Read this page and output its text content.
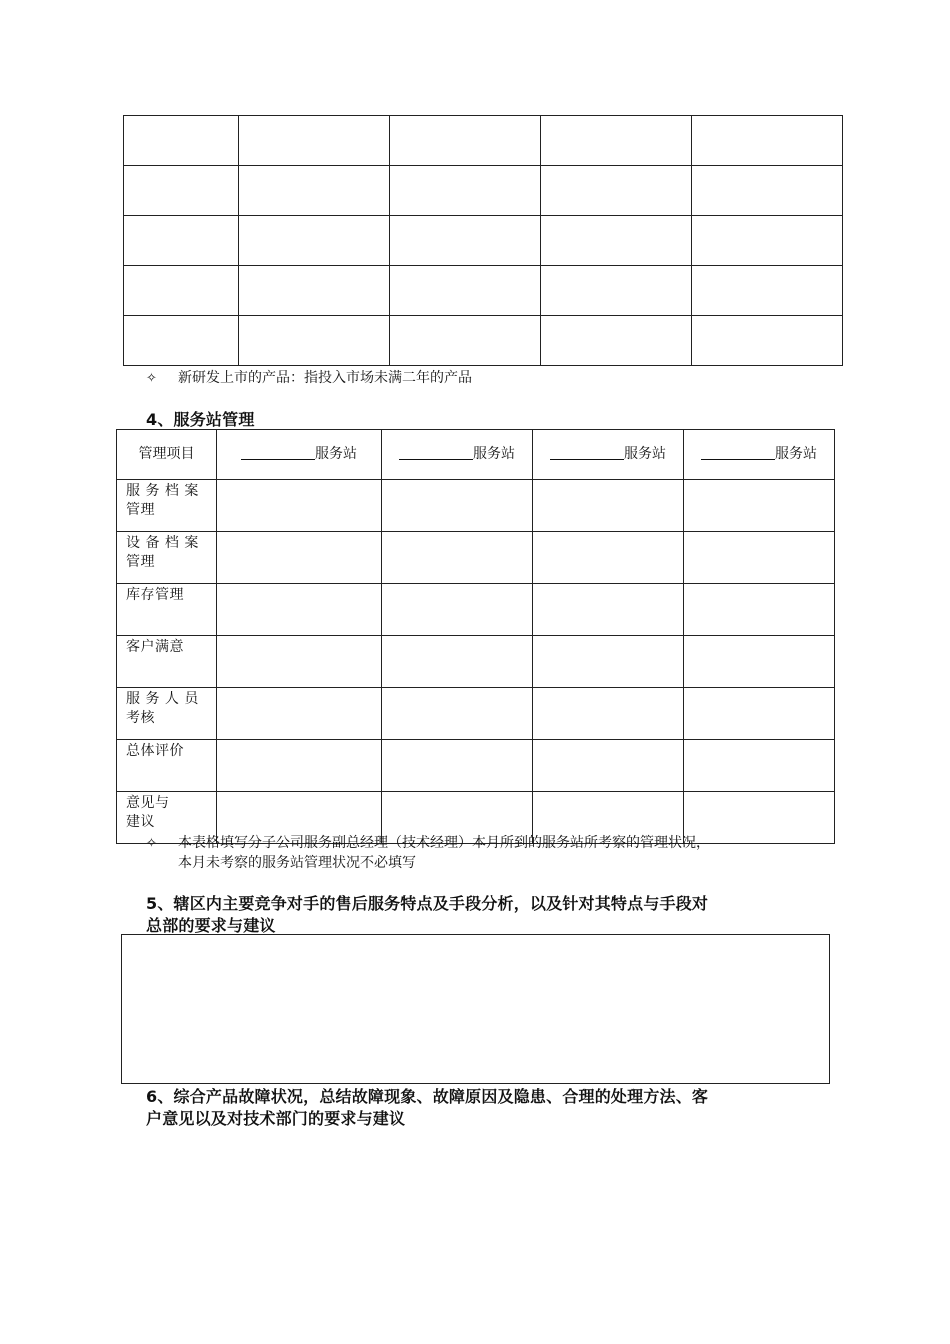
✧ 新研发上市的产品：指投入市场未满二年的产品
4、服务站管理
管理项目	服务站	服务站	服务站	服务站

服 务 档 案
管理				

设 备 档 案
管理				

库存管理				

客户满意				

服 务 人 员
考核				

总体评价				

意见与
建议				

✧ 本表格填写分子公司服务副总经理（技术经理）本月所到的服务站所考察的管理状况，
本月未考察的服务站管理状况不必填写
5、辖区内主要竞争对手的售后服务特点及手段分析，以及针对其特点与手段对
总部的要求与建议
6、综合产品故障状况，总结故障现象、故障原因及隐患、合理的处理方法、客
户意见以及对技术部门的要求与建议
